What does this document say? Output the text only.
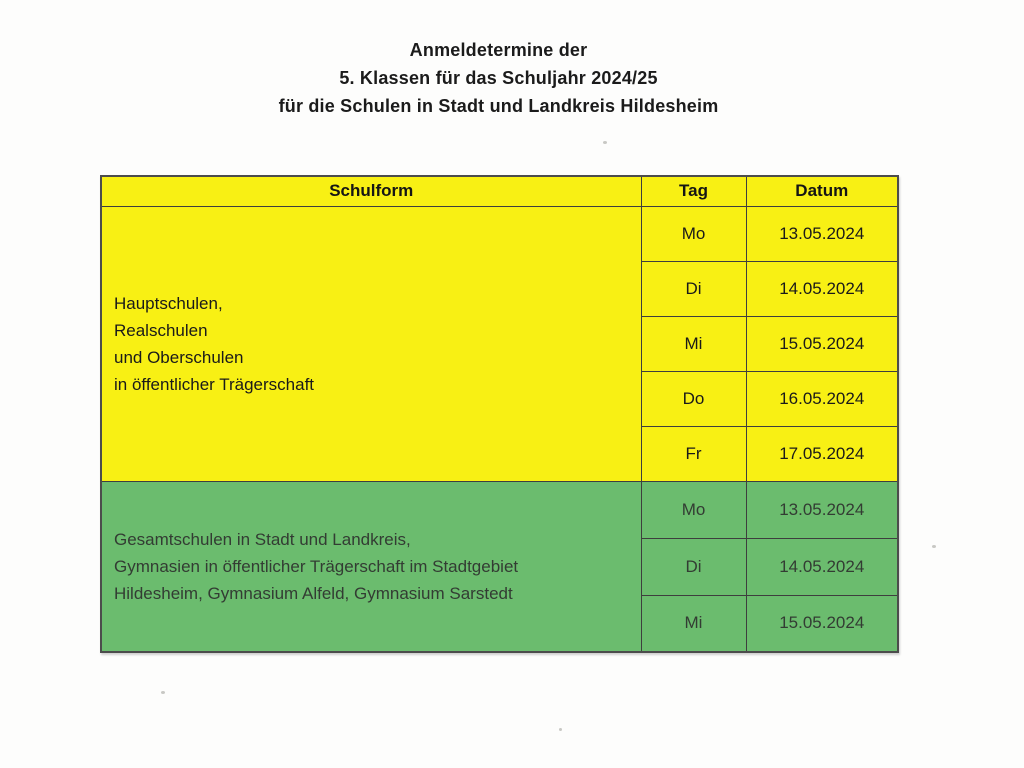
Anmeldetermine der
5. Klassen für das Schuljahr 2024/25
für die Schulen in Stadt und Landkreis Hildesheim
Schulform	Tag	Datum

Hauptschulen,
Realschulen
und Oberschulen
in öffentlicher Trägerschaft	Mo	13.05.2024
	Di	14.05.2024
	Mi	15.05.2024
	Do	16.05.2024
	Fr	17.05.2024

Gesamtschulen in Stadt und Landkreis,
Gymnasien in öffentlicher Trägerschaft im Stadtgebiet
Hildesheim, Gymnasium Alfeld, Gymnasium Sarstedt	Mo	13.05.2024
	Di	14.05.2024
	Mi	15.05.2024
